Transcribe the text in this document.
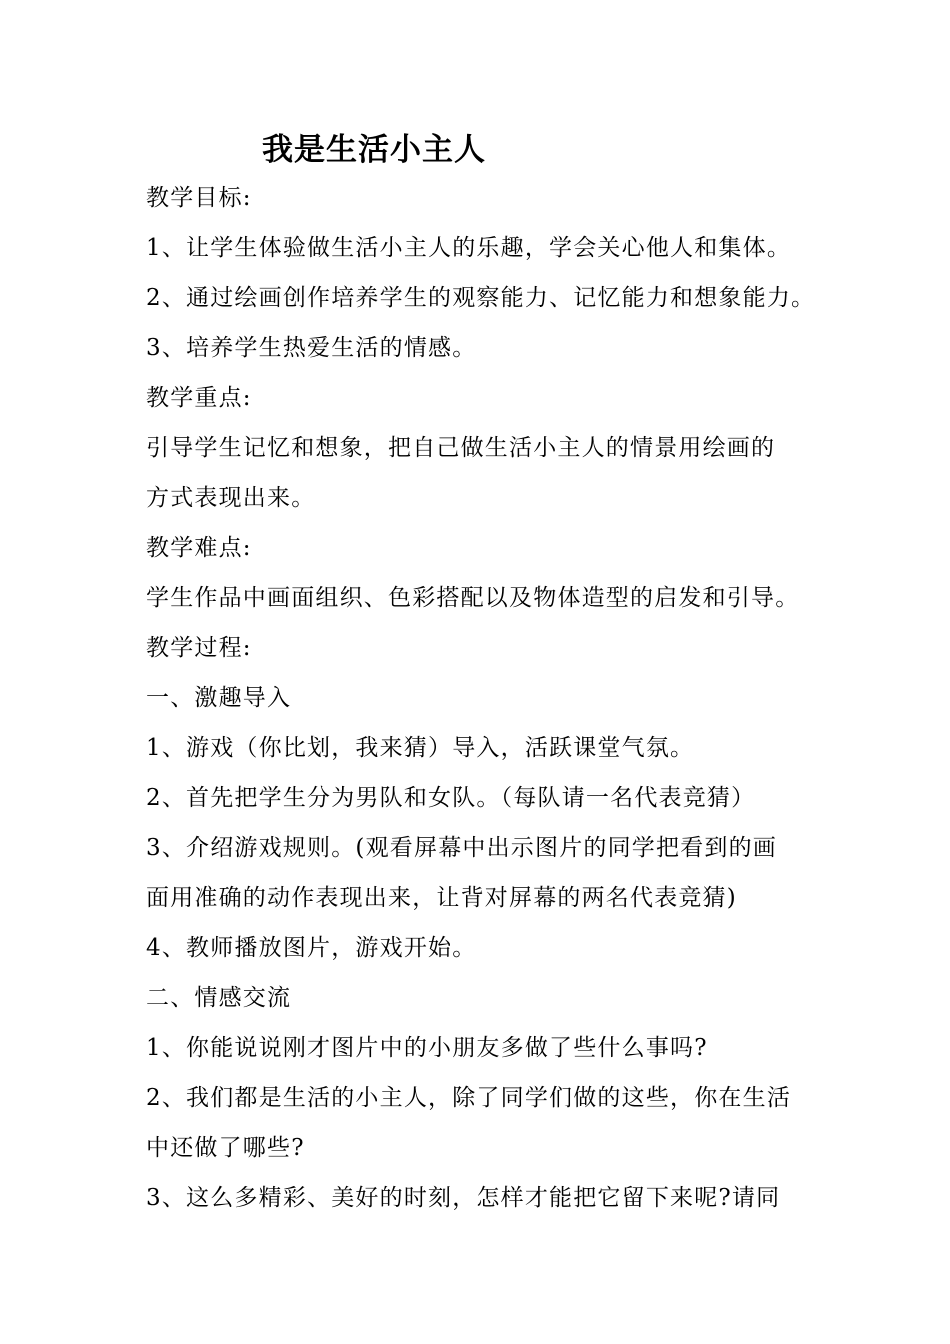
我是生活小主人
教学目标:
1、让学生体验做生活小主人的乐趣，学会关心他人和集体。
2、通过绘画创作培养学生的观察能力、记忆能力和想象能力。
3、培养学生热爱生活的情感。
教学重点:
引导学生记忆和想象，把自己做生活小主人的情景用绘画的
方式表现出来。
教学难点:
学生作品中画面组织、色彩搭配以及物体造型的启发和引导。
教学过程:
一、激趣导入
1、游戏（你比划，我来猜）导入，活跃课堂气氛。
2、首先把学生分为男队和女队。（每队请一名代表竞猜）
3、介绍游戏规则。(观看屏幕中出示图片的同学把看到的画
面用准确的动作表现出来，让背对屏幕的两名代表竞猜)
4、教师播放图片，游戏开始。
二、情感交流
1、你能说说刚才图片中的小朋友多做了些什么事吗?
2、我们都是生活的小主人，除了同学们做的这些，你在生活
中还做了哪些?
3、这么多精彩、美好的时刻，怎样才能把它留下来呢?请同
